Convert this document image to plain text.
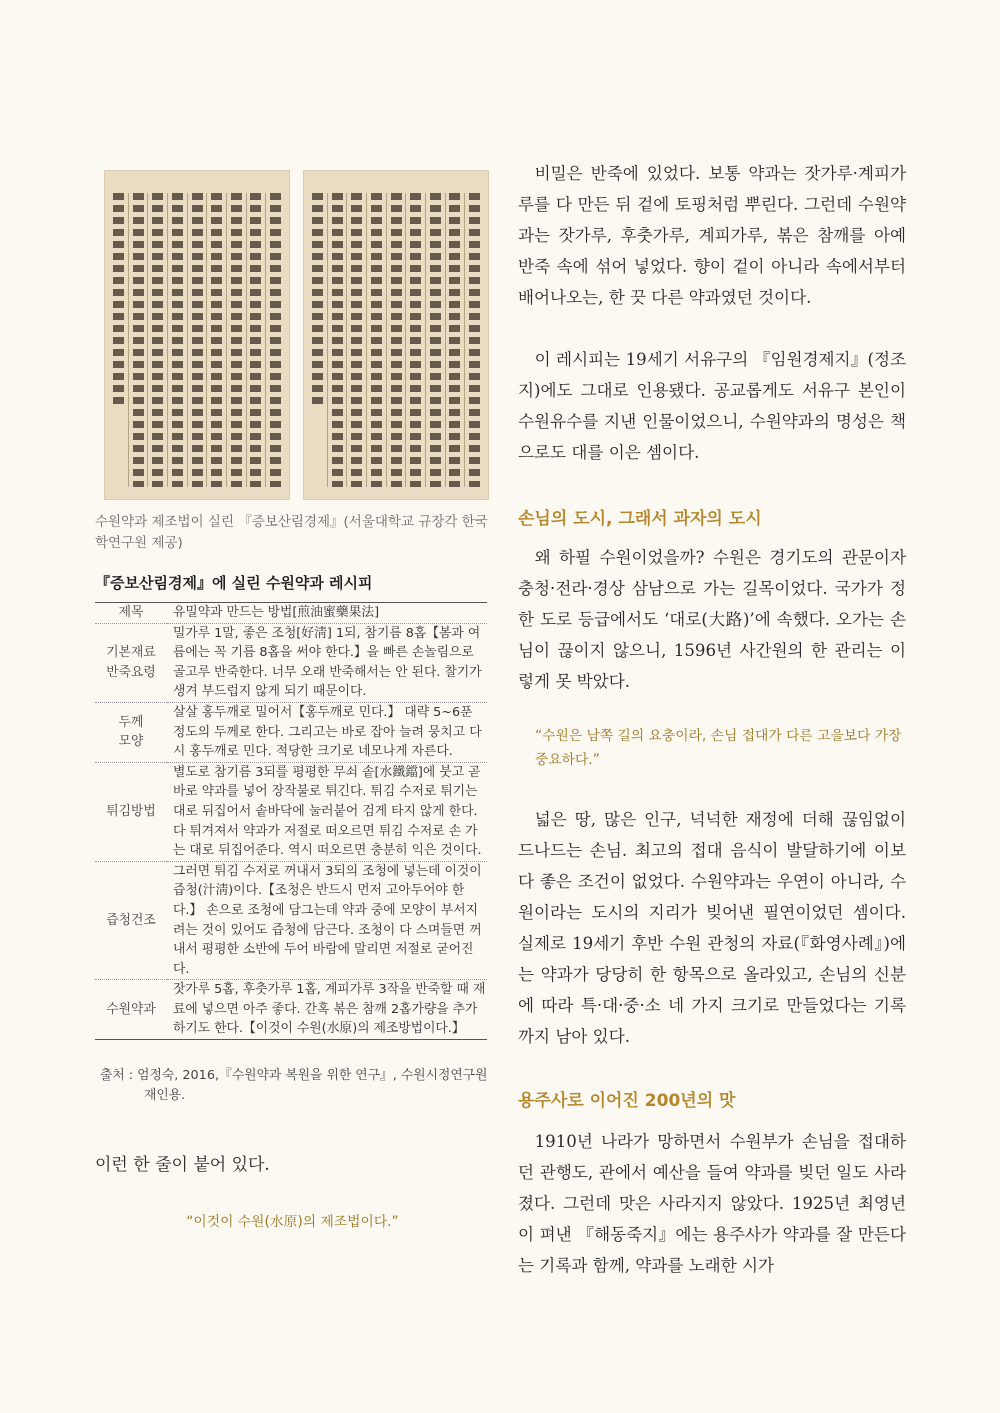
수원약과 제조법이 실린 『증보산림경제』(서울대학교 규장각 한국학연구원 제공)
『증보산림경제』에 실린 수원약과 레시피
제목	유밀약과 만드는 방법[煎油蜜藥果法]
기본재료
반죽요령	밀가루 1말, 좋은 조청[好淸] 1되, 참기름 8홉【봄과 여름에는 꼭 기름 8홉을 써야 한다.】을 빠른 손놀림으로 골고루 반죽한다. 너무 오래 반죽해서는 안 된다. 찰기가 생겨 부드럽지 않게 되기 때문이다.
두께
모양	살살 홍두깨로 밀어서【홍두깨로 민다.】 대략 5~6푼 정도의 두께로 한다. 그리고는 바로 잡아 늘려 뭉치고 다시 홍두깨로 민다. 적당한 크기로 네모나게 자른다.
튀김방법	별도로 참기름 3되를 평평한 무쇠 솥[水鐵鐺]에 붓고 곧바로 약과를 넣어 장작불로 튀긴다. 튀김 수저로 튀기는 대로 뒤집어서 솥바닥에 눌러붙어 검게 타지 않게 한다. 다 튀겨져서 약과가 저절로 떠오르면 튀김 수저로 손 가는 대로 뒤집어준다. 역시 떠오르면 충분히 익은 것이다.
즙청건조	그러면 튀김 수저로 꺼내서 3되의 조청에 넣는데 이것이 즙청(汁淸)이다.【조청은 반드시 먼저 고아두어야 한다.】 손으로 조청에 담그는데 약과 중에 모양이 부서지려는 것이 있어도 즙청에 담근다. 조청이 다 스며들면 꺼내서 평평한 소반에 두어 바람에 말리면 저절로 굳어진다.
수원약과	잣가루 5홉, 후춧가루 1홉, 계피가루 3작을 반죽할 때 재료에 넣으면 아주 좋다. 간혹 볶은 참깨 2홉가량을 추가하기도 한다.【이것이 수원(水原)의 제조방법이다.】
출처 : 엄정숙, 2016,『수원약과 복원을 위한 연구』, 수원시정연구원 재인용.
이런 한 줄이 붙어 있다.
“이것이 수원(水原)의 제조법이다.”

비밀은 반죽에 있었다. 보통 약과는 잣가루·계피가루를 다 만든 뒤 겉에 토핑처럼 뿌린다. 그런데 수원약과는 잣가루, 후춧가루, 계피가루, 볶은 참깨를 아예 반죽 속에 섞어 넣었다. 향이 겉이 아니라 속에서부터 배어나오는, 한 끗 다른 약과였던 것이다.

이 레시피는 19세기 서유구의 『임원경제지』(정조지)에도 그대로 인용됐다. 공교롭게도 서유구 본인이 수원유수를 지낸 인물이었으니, 수원약과의 명성은 책으로도 대를 이은 셈이다.

손님의 도시, 그래서 과자의 도시

왜 하필 수원이었을까? 수원은 경기도의 관문이자 충청·전라·경상 삼남으로 가는 길목이었다. 국가가 정한 도로 등급에서도 ‘대로(大路)’에 속했다. 오가는 손님이 끊이지 않으니, 1596년 사간원의 한 관리는 이렇게 못 박았다.

“수원은 남쪽 길의 요충이라, 손님 접대가 다른 고을보다 가장 중요하다.”

넓은 땅, 많은 인구, 넉넉한 재정에 더해 끊임없이 드나드는 손님. 최고의 접대 음식이 발달하기에 이보다 좋은 조건이 없었다. 수원약과는 우연이 아니라, 수원이라는 도시의 지리가 빚어낸 필연이었던 셈이다. 실제로 19세기 후반 수원 관청의 자료(『화영사례』)에는 약과가 당당히 한 항목으로 올라있고, 손님의 신분에 따라 특·대·중·소 네 가지 크기로 만들었다는 기록까지 남아 있다.

용주사로 이어진 200년의 맛

1910년 나라가 망하면서 수원부가 손님을 접대하던 관행도, 관에서 예산을 들여 약과를 빚던 일도 사라졌다. 그런데 맛은 사라지지 않았다. 1925년 최영년이 펴낸 『해동죽지』에는 용주사가 약과를 잘 만든다는 기록과 함께, 약과를 노래한 시가
